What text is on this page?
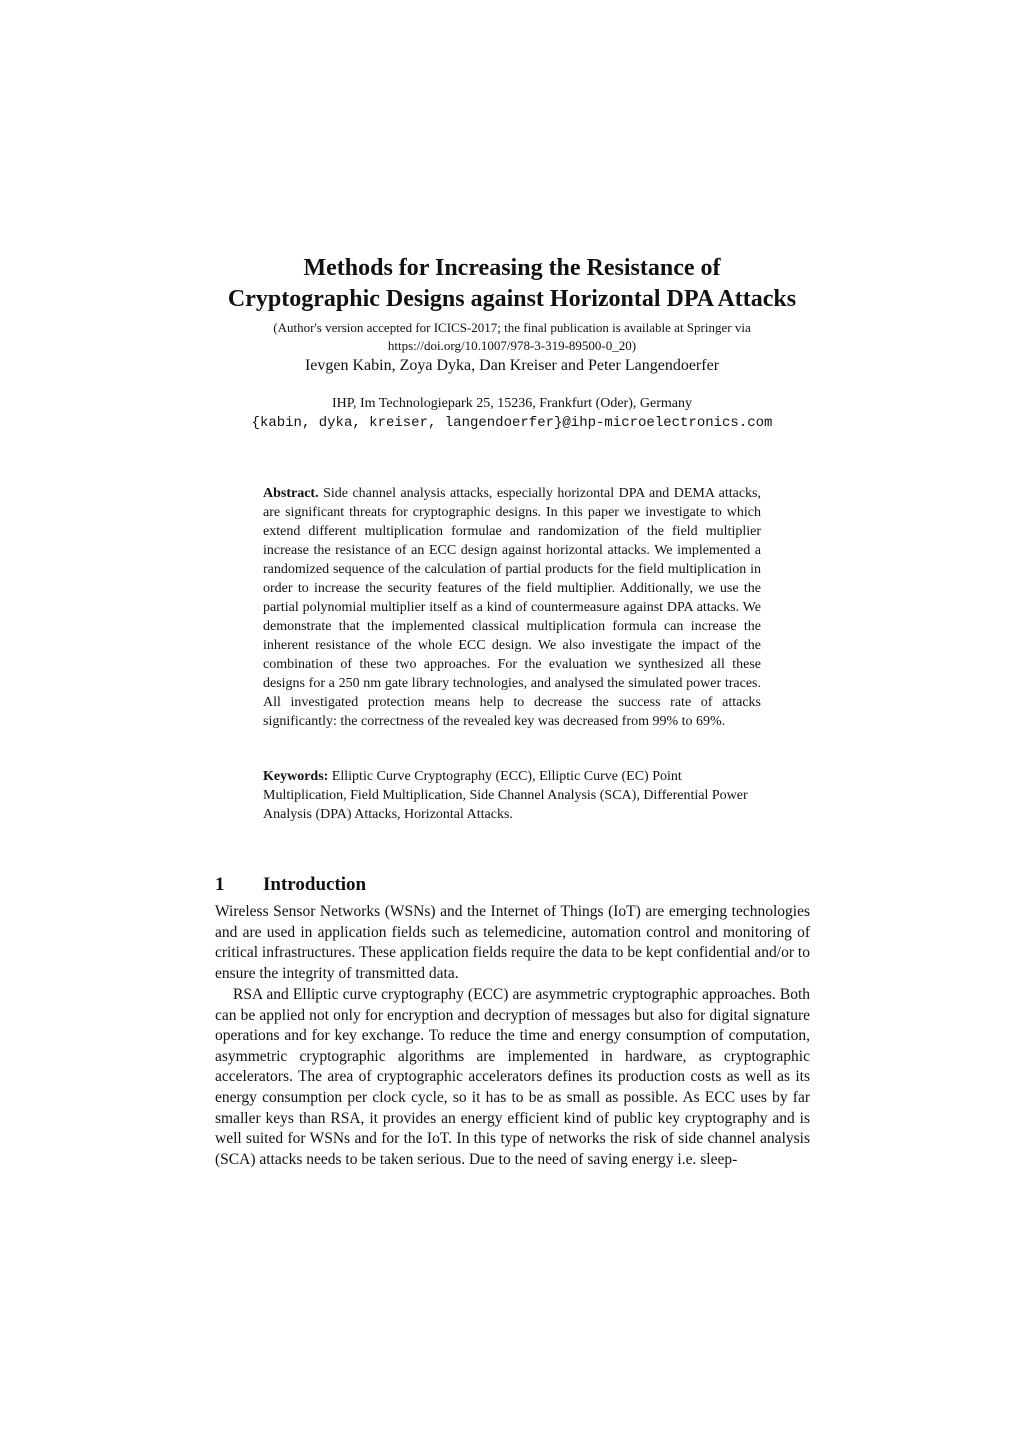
Methods for Increasing the Resistance of
Cryptographic Designs against Horizontal DPA Attacks
(Author's version accepted for ICICS-2017; the final publication is available at Springer via
https://doi.org/10.1007/978-3-319-89500-0_20)
Ievgen Kabin, Zoya Dyka, Dan Kreiser and Peter Langendoerfer
IHP, Im Technologiepark 25, 15236, Frankfurt (Oder), Germany
{kabin, dyka, kreiser, langendoerfer}@ihp-microelectronics.com

Abstract. Side channel analysis attacks, especially horizontal DPA and DEMA attacks, are significant threats for cryptographic designs. In this paper we investigate to which extend different multiplication formulae and randomization of the field multiplier increase the resistance of an ECC design against horizontal attacks. We implemented a randomized sequence of the calculation of partial products for the field multiplication in order to increase the security features of the field multiplier. Additionally, we use the partial polynomial multiplier itself as a kind of countermeasure against DPA attacks. We demonstrate that the implemented classical multiplication formula can increase the inherent resistance of the whole ECC design. We also investigate the impact of the combination of these two approaches. For the evaluation we synthesized all these designs for a 250 nm gate library technologies, and analysed the simulated power traces. All investigated protection means help to decrease the success rate of attacks significantly: the correctness of the revealed key was decreased from 99% to 69%.

Keywords: Elliptic Curve Cryptography (ECC), Elliptic Curve (EC) Point Multiplication, Field Multiplication, Side Channel Analysis (SCA), Differential Power Analysis (DPA) Attacks, Horizontal Attacks.

1	Introduction

Wireless Sensor Networks (WSNs) and the Internet of Things (IoT) are emerging technologies and are used in application fields such as telemedicine, automation control and monitoring of critical infrastructures. These application fields require the data to be kept confidential and/or to ensure the integrity of transmitted data.

RSA and Elliptic curve cryptography (ECC) are asymmetric cryptographic approaches. Both can be applied not only for encryption and decryption of messages but also for digital signature operations and for key exchange. To reduce the time and energy consumption of computation, asymmetric cryptographic algorithms are implemented in hardware, as cryptographic accelerators. The area of cryptographic accelerators defines its production costs as well as its energy consumption per clock cycle, so it has to be as small as possible. As ECC uses by far smaller keys than RSA, it provides an energy efficient kind of public key cryptography and is well suited for WSNs and for the IoT. In this type of networks the risk of side channel analysis (SCA) attacks needs to be taken serious. Due to the need of saving energy i.e. sleep-
